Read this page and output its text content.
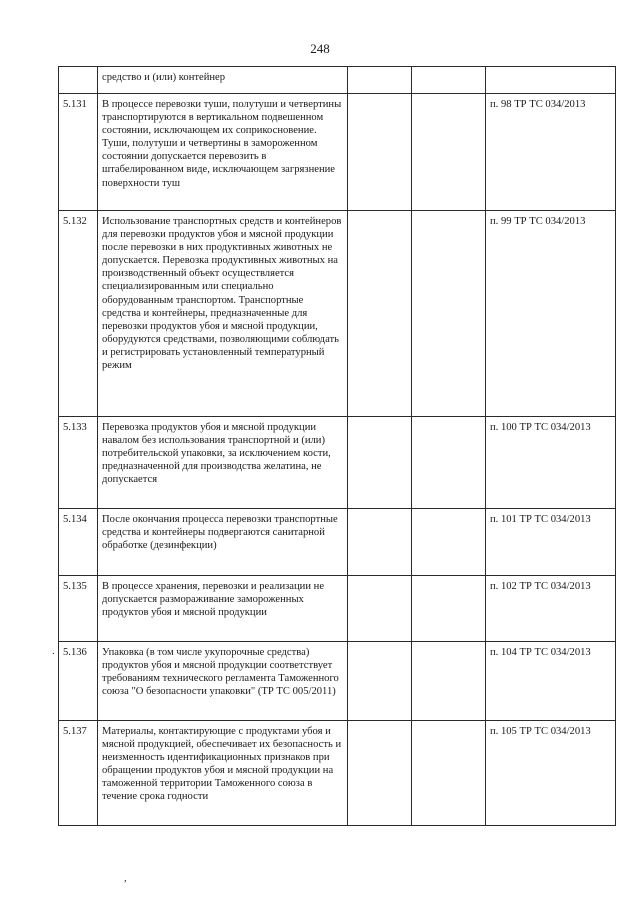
248
	средство и (или) контейнер			
5.131	В процессе перевозки туши, полутуши и четвертины транспортируются в вертикальном подвешенном состоянии, исключающем их соприкосновение. Туши, полутуши и четвертины в замороженном состоянии допускается перевозить в штабелированном виде, исключающем загрязнение поверхности туш			п. 98 ТР ТС 034/2013
5.132	Использование транспортных средств и контейнеров для перевозки продуктов убоя и мясной продукции после перевозки в них продуктивных животных не допускается. Перевозка продуктивных животных на производственный объект осуществляется специализированным или специально оборудованным транспортом. Транспортные средства и контейнеры, предназначенные для перевозки продуктов убоя и мясной продукции, оборудуются средствами, позволяющими соблюдать и регистрировать установленный температурный режим			п. 99 ТР ТС 034/2013
5.133	Перевозка продуктов убоя и мясной продукции навалом без использования транспортной и (или) потребительской упаковки, за исключением кости, предназначенной для производства желатина, не допускается			п. 100 ТР ТС 034/2013
5.134	После окончания процесса перевозки транспортные средства и контейнеры подвергаются санитарной обработке (дезинфекции)			п. 101 ТР ТС 034/2013
5.135	В процессе хранения, перевозки и реализации не допускается размораживание замороженных продуктов убоя и мясной продукции			п. 102 ТР ТС 034/2013
5.136	Упаковка (в том числе укупорочные средства) продуктов убоя и мясной продукции соответствует требованиям технического регламента Таможенного союза "О безопасности упаковки" (ТР ТС 005/2011)			п. 104 ТР ТС 034/2013
5.137	Материалы, контактирующие с продуктами убоя и мясной продукцией, обеспечивает их безопасность и неизменность идентификационных признаков при обращении продуктов убоя и мясной продукции на таможенной территории Таможенного союза в течение срока годности			п. 105 ТР ТС 034/2013
.
,
